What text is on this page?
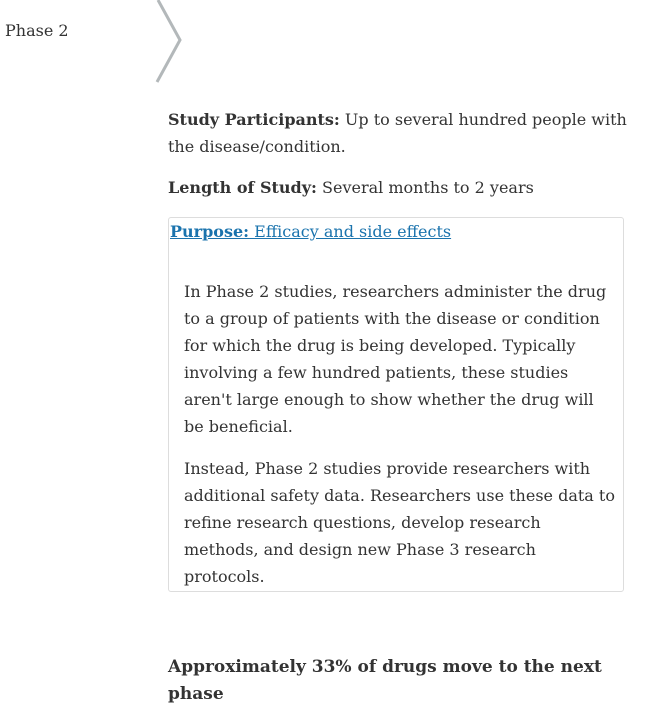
Phase 2

Study Participants: Up to several hundred people with the disease/condition.

Length of Study: Several months to 2 years

Purpose: Efficacy and side effects

In Phase 2 studies, researchers administer the drug to a group of patients with the disease or condition for which the drug is being developed. Typically involving a few hundred patients, these studies aren't large enough to show whether the drug will be beneficial.

Instead, Phase 2 studies provide researchers with additional safety data. Researchers use these data to refine research questions, develop research methods, and design new Phase 3 research protocols.

Approximately 33% of drugs move to the next phase
